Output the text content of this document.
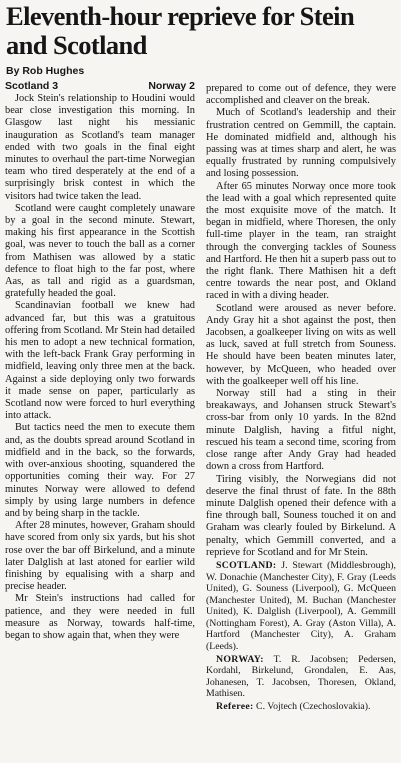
Eleventh-hour reprieve for Stein and Scotland
By Rob Hughes
Scotland 3	Norway 2

Jock Stein's relationship to Houdini would bear close investigation this morning. In Glasgow last night his messianic inauguration as Scotland's team manager ended with two goals in the final eight minutes to overhaul the part-time Norwegian team who tired desperately at the end of a surprisingly brisk contest in which the visitors had twice taken the lead.

Scotland were caught completely unaware by a goal in the second minute. Stewart, making his first appearance in the Scottish goal, was never to touch the ball as a corner from Mathisen was allowed by a static defence to float high to the far post, where Aas, as tall and rigid as a guardsman, gratefully headed the goal.

Scandinavian football we knew had advanced far, but this was a gratuitous offering from Scotland. Mr Stein had detailed his men to adopt a new technical formation, with the left-back Frank Gray performing in midfield, leaving only three men at the back. Against a side deploying only two forwards it made sense on paper, particularly as Scotland now were forced to hurl everything into attack.

But tactics need the men to execute them and, as the doubts spread around Scotland in midfield and in the back, so the forwards, with over-anxious shooting, squandered the opportunities coming their way. For 27 minutes Norway were allowed to defend simply by using large numbers in defence and by being sharp in the tackle.

After 28 minutes, however, Graham should have scored from only six yards, but his shot rose over the bar off Birkelund, and a minute later Dalglish at last atoned for earlier wild finishing by equalising with a sharp and precise header.

Mr Stein's instructions had called for patience, and they were needed in full measure as Norway, towards half-time, began to show again that, when they were

prepared to come out of defence, they were accomplished and cleaver on the break.

Much of Scotland's leadership and their frustration centred on Gemmill, the captain. He dominated midfield and, although his passing was at times sharp and alert, he was equally frustrated by running compulsively and losing possession.

After 65 minutes Norway once more took the lead with a goal which represented quite the most exquisite move of the match. It began in midfield, where Thoresen, the only full-time player in the team, ran straight through the converging tackles of Souness and Hartford. He then hit a superb pass out to the right flank. There Mathisen hit a deft centre towards the near post, and Okland raced in with a diving header.

Scotland were aroused as never before. Andy Gray hit a shot against the post, then Jacobsen, a goalkeeper living on wits as well as luck, saved at full stretch from Souness. He should have been beaten minutes later, however, by McQueen, who headed over with the goalkeeper well off his line.

Norway still had a sting in their breakaways, and Johansen struck Stewart's cross-bar from only 10 yards. In the 82nd minute Dalglish, having a fitful night, rescued his team a second time, scoring from close range after Andy Gray had headed down a cross from Hartford.

Tiring visibly, the Norwegians did not deserve the final thrust of fate. In the 88th minute Dalglish opened their defence with a fine through ball, Souness touched it on and Graham was clearly fouled by Birkelund. A penalty, which Gemmill converted, and a reprieve for Scotland and for Mr Stein.

SCOTLAND: J. Stewart (Middlesbrough), W. Donachie (Manchester City), F. Gray (Leeds United), G. Souness (Liverpool), G. McQueen (Manchester United), M. Buchan (Manchester United), K. Dalglish (Liverpool), A. Gemmill (Nottingham Forest), A. Gray (Aston Villa), A. Hartford (Manchester City), A. Graham (Leeds).

NORWAY: T. R. Jacobsen; Pedersen, Kordahl, Birkelund, Grondalen, E. Aas, Johanesen, T. Jacobsen, Thoresen, Okland, Mathisen.

Referee: C. Vojtech (Czechoslovakia).
